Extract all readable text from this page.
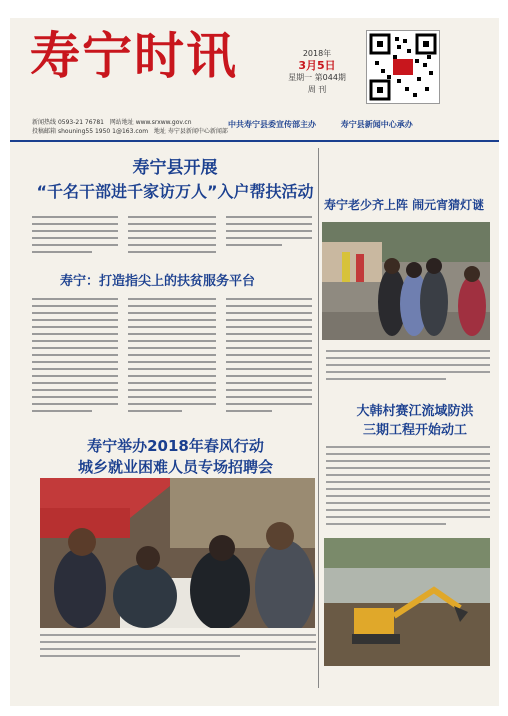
寿宁时讯	2018年
3月5日
星期一 第044期
周 刊
新闻热线 0593-21 76781 网站地址 www.srxww.gov.cn
投稿邮箱 shouning55 1950 1@163.com 地址 寿宁县新闻中心新闻部
中共寿宁县委宣传部主办	寿宁县新闻中心承办
寿宁县开展
“千名干部进千家访万人”入户帮扶活动
寿宁：打造指尖上的扶贫服务平台
寿宁举办2018年春风行动
城乡就业困难人员专场招聘会
寿宁老少齐上阵 闹元宵猜灯谜
大韩村赛江流域防洪
三期工程开始动工
